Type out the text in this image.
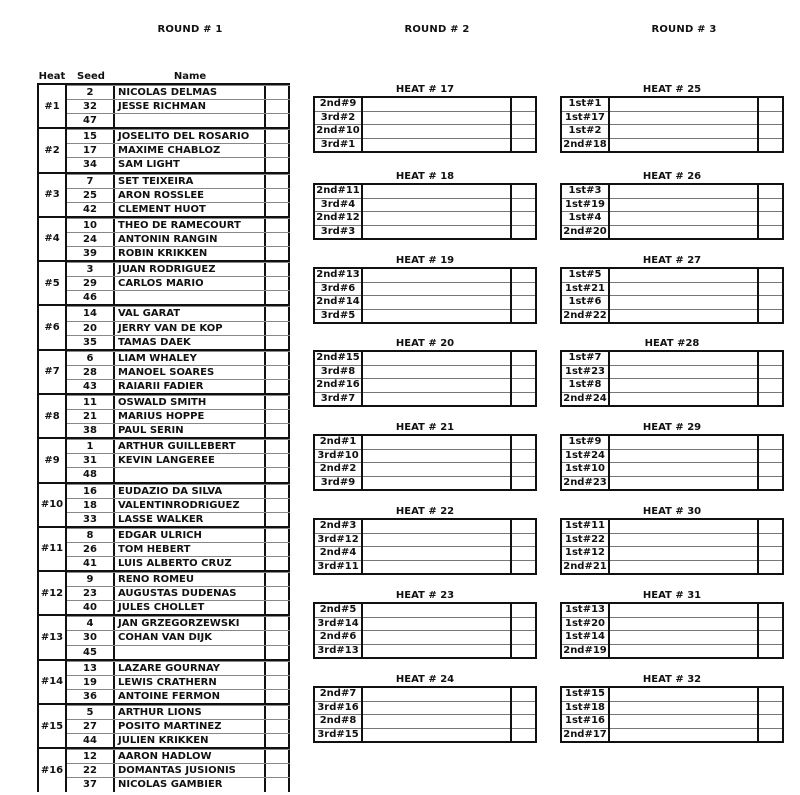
ROUND # 1	ROUND # 2	ROUND # 3
Heat Seed	Name
#1
2	NICOLAS DELMAS
32	JESSE RICHMAN
47
#2
15	JOSELITO DEL ROSARIO
17	MAXIME CHABLOZ
34	SAM LIGHT
#3
7	SET TEIXEIRA
25	ARON ROSSLEE
42	CLEMENT HUOT
#4
10	THEO DE RAMECOURT
24	ANTONIN RANGIN
39	ROBIN KRIKKEN
#5
3	JUAN RODRIGUEZ
29	CARLOS MARIO
46
#6
14	VAL GARAT
20	JERRY VAN DE KOP
35	TAMAS DAEK
#7
6	LIAM WHALEY
28	MANOEL SOARES
43	RAIARII FADIER
#8
11	OSWALD SMITH
21	MARIUS HOPPE
38	PAUL SERIN
#9
1	ARTHUR GUILLEBERT
31	KEVIN LANGEREE
48
#10
16	EUDAZIO DA SILVA
18	VALENTINRODRIGUEZ
33	LASSE WALKER
#11
8	EDGAR ULRICH
26	TOM HEBERT
41	LUIS ALBERTO CRUZ
#12
9	RENO ROMEU
23	AUGUSTAS DUDENAS
40	JULES CHOLLET
#13
4	JAN GRZEGORZEWSKI
30	COHAN VAN DIJK
45
#14
13	LAZARE GOURNAY
19	LEWIS CRATHERN
36	ANTOINE FERMON
#15
5	ARTHUR LIONS
27	POSITO MARTINEZ
44	JULIEN KRIKKEN
#16
12	AARON HADLOW
22	DOMANTAS JUSIONIS
37	NICOLAS GAMBIER
HEAT # 17
2nd#9		
3rd#2		
2nd#10		
3rd#1		
HEAT # 18
2nd#11		
3rd#4		
2nd#12		
3rd#3		
HEAT # 19
2nd#13		
3rd#6		
2nd#14		
3rd#5		
HEAT # 20
2nd#15		
3rd#8		
2nd#16		
3rd#7		
HEAT # 21
2nd#1		
3rd#10		
2nd#2		
3rd#9		
HEAT # 22
2nd#3		
3rd#12		
2nd#4		
3rd#11		
HEAT # 23
2nd#5		
3rd#14		
2nd#6		
3rd#13		
HEAT # 24
2nd#7		
3rd#16		
2nd#8		
3rd#15		
HEAT # 25
1st#1		
1st#17		
1st#2		
2nd#18		
HEAT # 26
1st#3		
1st#19		
1st#4		
2nd#20		
HEAT # 27
1st#5		
1st#21		
1st#6		
2nd#22		
HEAT #28
1st#7		
1st#23		
1st#8		
2nd#24		
HEAT # 29
1st#9		
1st#24		
1st#10		
2nd#23		
HEAT # 30
1st#11		
1st#22		
1st#12		
2nd#21		
HEAT # 31
1st#13		
1st#20		
1st#14		
2nd#19		
HEAT # 32
1st#15		
1st#18		
1st#16		
2nd#17		
